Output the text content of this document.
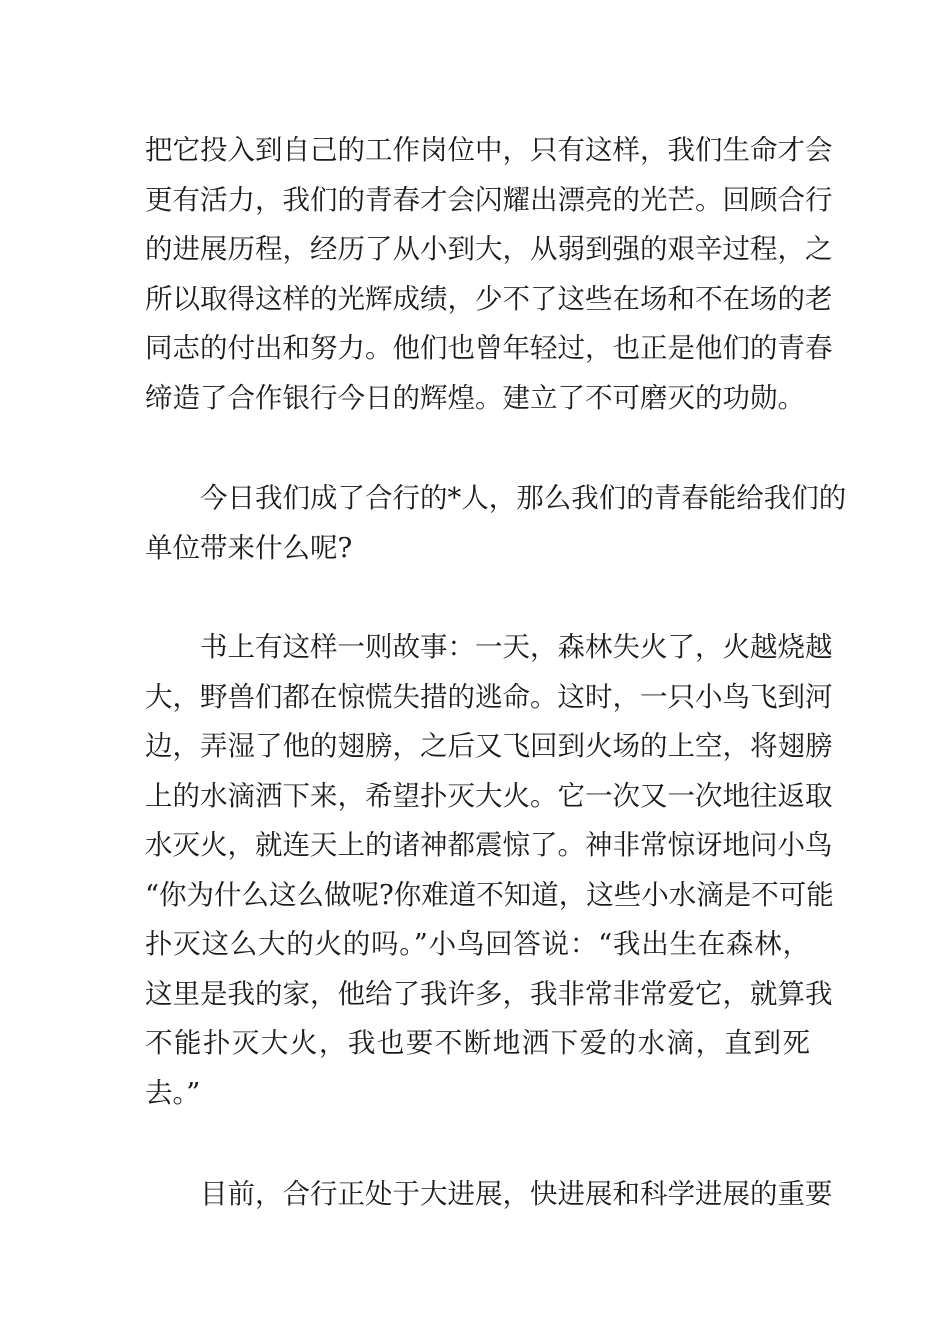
把它投入到自己的工作岗位中，只有这样，我们生命才会
更有活力，我们的青春才会闪耀出漂亮的光芒。回顾合行
的进展历程，经历了从小到大，从弱到强的艰辛过程，之
所以取得这样的光辉成绩，少不了这些在场和不在场的老
同志的付出和努力。他们也曾年轻过，也正是他们的青春
缔造了合作银行今日的辉煌。建立了不可磨灭的功勋。
今日我们成了合行的*人，那么我们的青春能给我们的
单位带来什么呢?
书上有这样一则故事：一天，森林失火了，火越烧越
大，野兽们都在惊慌失措的逃命。这时，一只小鸟飞到河
边，弄湿了他的翅膀，之后又飞回到火场的上空，将翅膀
上的水滴洒下来，希望扑灭大火。它一次又一次地往返取
水灭火，就连天上的诸神都震惊了。神非常惊讶地问小鸟
“你为什么这么做呢?你难道不知道，这些小水滴是不可能
扑灭这么大的火的吗。”小鸟回答说：“我出生在森林，
这里是我的家，他给了我许多，我非常非常爱它，就算我
不能扑灭大火，我也要不断地洒下爱的水滴，直到死
去。”
目前，合行正处于大进展，快进展和科学进展的重要
